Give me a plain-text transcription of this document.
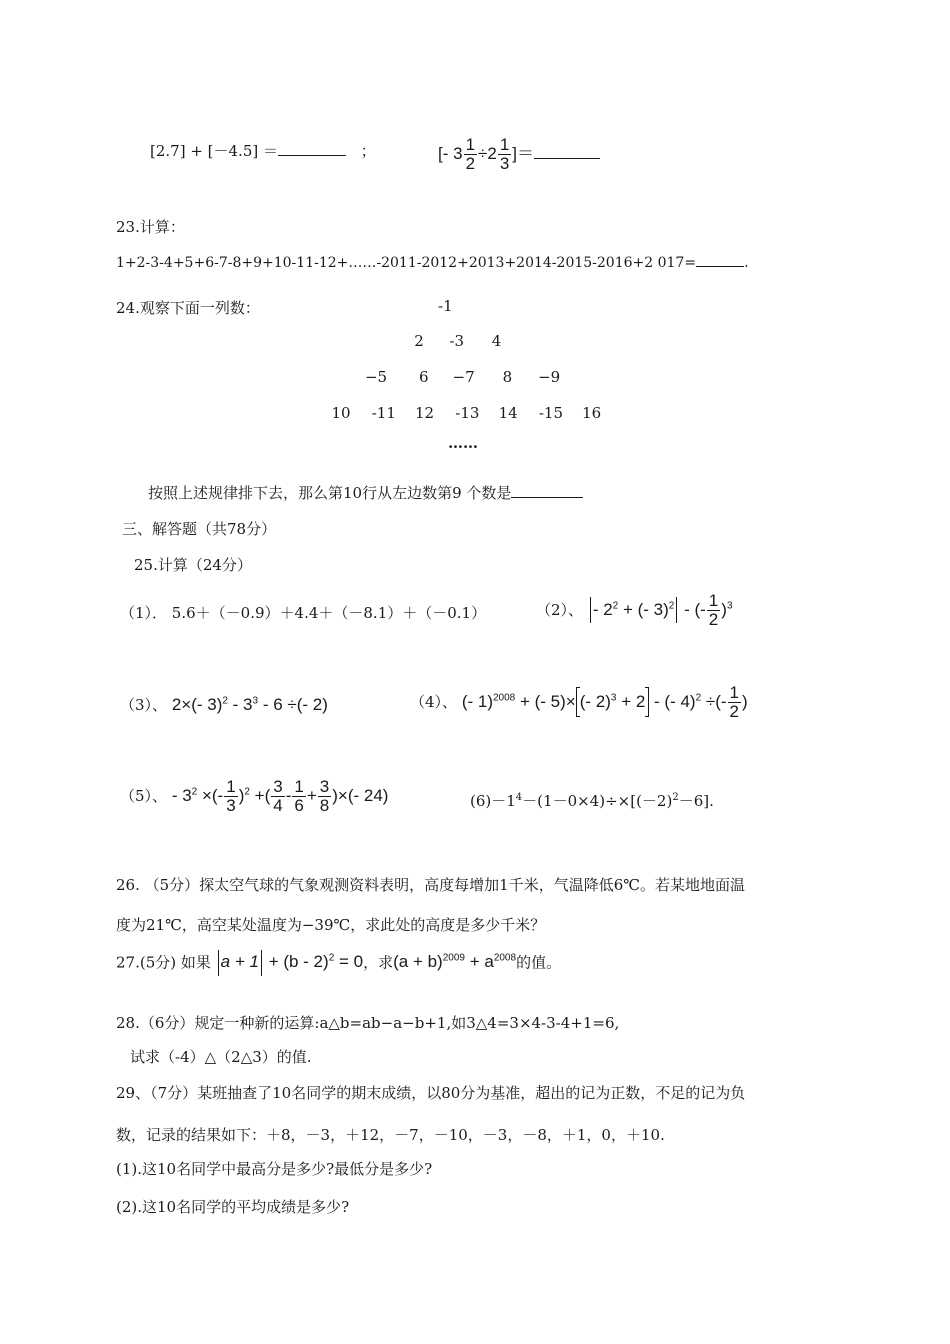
[2.7] + [－4.5] ＝	；	[- $3 \frac{1}{2} \div 2 \frac{1}{3}$ ]＝
23.计算：
1+2-3-4+5+6-7-8+9+10-11-12+……-2011-2012+2013+2014-2015-2016+2 017=	.
24.观察下面一列数：	-1
2 -3 4
−5 6 −7 8 −9
10 -11 12 -13 14 -15 16
……
按照上述规律排下去，那么第10行从左边数第9 个数是
三、解答题（共78分）
25.计算（24分）
（1）． 5.6＋（－0.9）＋4.4＋（－8.1）＋（－0.1）	（2）、 - $2^2$ + (- 3)$^2$ - (- $\frac{1}{2} )^3$
（3）、 2×(- $3)^2 - 3^3 - 6$ ÷(- 2)	（4）、 (- 1)$^{2008}$ + (- 5)× (- 2)$^3$ + 2 - (- 4)$^2$ ÷(- $\frac{1}{2}$ )
（5）、 - $3^2$ ×(- $\frac{1}{3} )^2$ +( $\frac{3}{4} - \frac{1}{6} + \frac{3}{8}$ )×(- 24)	$(6)-1^4-(1-0\times 4)\div\times[(-2)^2-6]$.
26. （5分）探太空气球的气象观测资料表明，高度每增加1千米，气温降低6℃。若某地地面温
度为21℃，高空某处温度为−39℃，求此处的高度是多少千米？
27.(5分) 如果 a + 1 + (b - 2)$^2$ = 0，求$(a + b)^{2009} + a^{2008}$的值。
28.（6分）规定一种新的运算:a△b=ab−a−b+1,如3△4=3×4-3-4+1=6,
试求（-4）△（2△3）的值.
29、（7分）某班抽查了10名同学的期末成绩，以80分为基准，超出的记为正数，不足的记为负
数，记录的结果如下：＋8，－3，＋12，－7，－10，－3，－8，＋1，0，＋10.
(1).这10名同学中最高分是多少?最低分是多少?
(2).这10名同学的平均成绩是多少?
